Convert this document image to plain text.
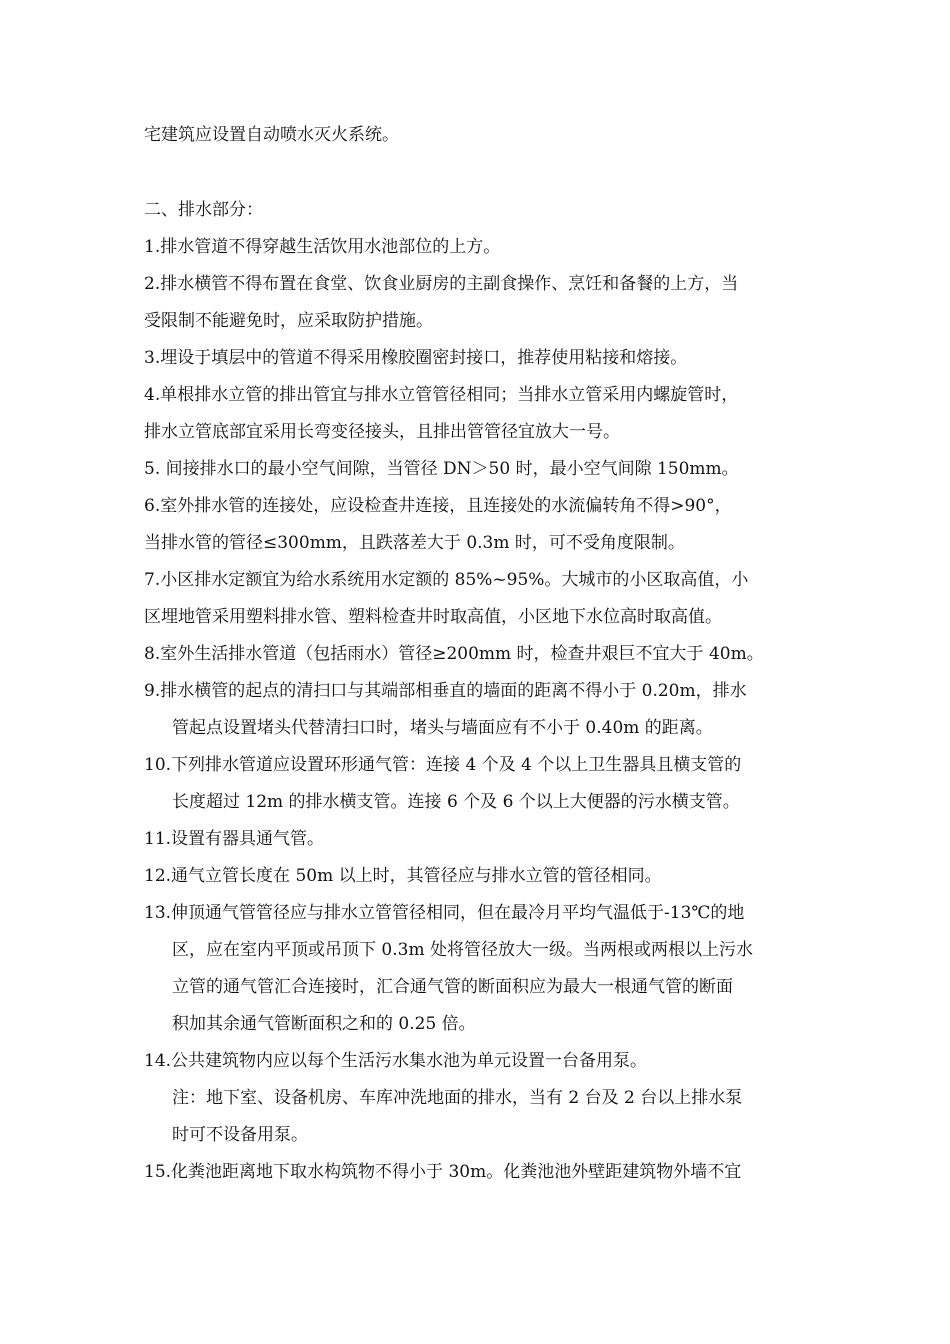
宅建筑应设置自动喷水灭火系统。
二、排水部分：
1.排水管道不得穿越生活饮用水池部位的上方。
2.排水横管不得布置在食堂、饮食业厨房的主副食操作、烹饪和备餐的上方，当
受限制不能避免时，应采取防护措施。
3.埋设于填层中的管道不得采用橡胶圈密封接口，推荐使用粘接和熔接。
4.单根排水立管的排出管宜与排水立管管径相同；当排水立管采用内螺旋管时，
排水立管底部宜采用长弯变径接头，且排出管管径宜放大一号。
5. 间接排水口的最小空气间隙，当管径 DN＞50 时，最小空气间隙 150mm。
6.室外排水管的连接处，应设检查井连接，且连接处的水流偏转角不得>90°，
当排水管的管径≤300mm，且跌落差大于 0.3m 时，可不受角度限制。
7.小区排水定额宜为给水系统用水定额的 85%~95%。大城市的小区取高值，小
区埋地管采用塑料排水管、塑料检查井时取高值，小区地下水位高时取高值。
8.室外生活排水管道（包括雨水）管径≥200mm 时，检查井艰巨不宜大于 40m。
9.排水横管的起点的清扫口与其端部相垂直的墙面的距离不得小于 0.20m，排水
管起点设置堵头代替清扫口时，堵头与墙面应有不小于 0.40m 的距离。
10.下列排水管道应设置环形通气管：连接 4 个及 4 个以上卫生器具且横支管的
长度超过 12m 的排水横支管。连接 6 个及 6 个以上大便器的污水横支管。
11.设置有器具通气管。
12.通气立管长度在 50m 以上时，其管径应与排水立管的管径相同。
13.伸顶通气管管径应与排水立管管径相同，但在最冷月平均气温低于-13℃的地
区，应在室内平顶或吊顶下 0.3m 处将管径放大一级。当两根或两根以上污水
立管的通气管汇合连接时，汇合通气管的断面积应为最大一根通气管的断面
积加其余通气管断面积之和的 0.25 倍。
14.公共建筑物内应以每个生活污水集水池为单元设置一台备用泵。
注：地下室、设备机房、车库冲洗地面的排水，当有 2 台及 2 台以上排水泵
时可不设备用泵。
15.化粪池距离地下取水构筑物不得小于 30m。化粪池池外壁距建筑物外墙不宜
